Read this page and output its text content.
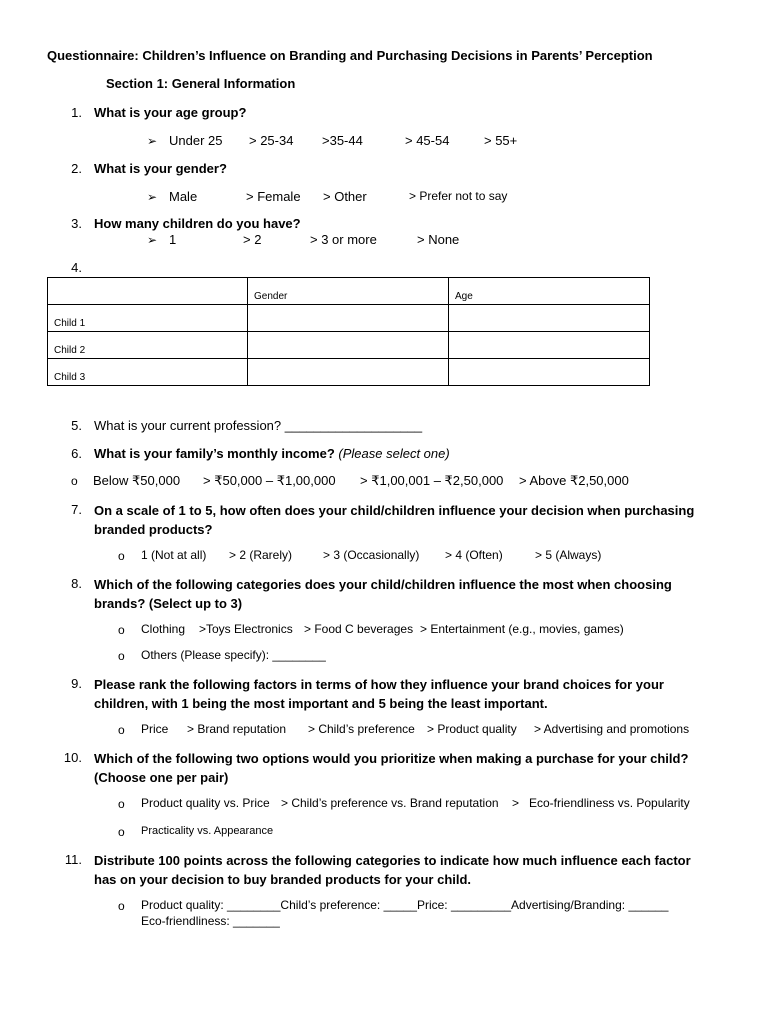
Questionnaire: Children’s Influence on Branding and Purchasing Decisions in Parents’ Perception
Section 1: General Information
1. What is your age group?
➢ Under 25 > 25-34 >35-44	> 45-54	> 55+
2. What is your gender?
➢ Male	> Female > Other	> Prefer not to say
3. How many children do you have?
➢ 1	> 2	> 3 or more	> None
4.
	Gender	Age
Child 1		
Child 2		
Child 3		
5. What is your current profession? ___________________
6. What is your family’s monthly income? (Please select one)
o Below ₹50,000 > ₹50,000 – ₹1,00,000 > ₹1,00,001 – ₹2,50,000 > Above ₹2,50,000
7. On a scale of 1 to 5, how often does your child/children influence your decision when purchasing branded products?
o 1 (Not at all) > 2 (Rarely)	> 3 (Occasionally) > 4 (Often)	> 5 (Always)
8. Which of the following categories does your child/children influence the most when choosing brands? (Select up to 3)
o Clothing >Toys Electronics > Food C beverages > Entertainment (e.g., movies, games)
o Others (Please specify): ________
9. Please rank the following factors in terms of how they influence your brand choices for your children, with 1 being the most important and 5 being the least important.
o Price > Brand reputation > Child’s preference > Product quality > Advertising and promotions
10. Which of the following two options would you prioritize when making a purchase for your child? (Choose one per pair)
o Product quality vs. Price > Child’s preference vs. Brand reputation > Eco-friendliness vs. Popularity
o Practicality vs. Appearance
11. Distribute 100 points across the following categories to indicate how much influence each factor has on your decision to buy branded products for your child.
o Product quality: ________Child’s preference: _____Price: _________Advertising/Branding: ______
Eco-friendliness: _______
